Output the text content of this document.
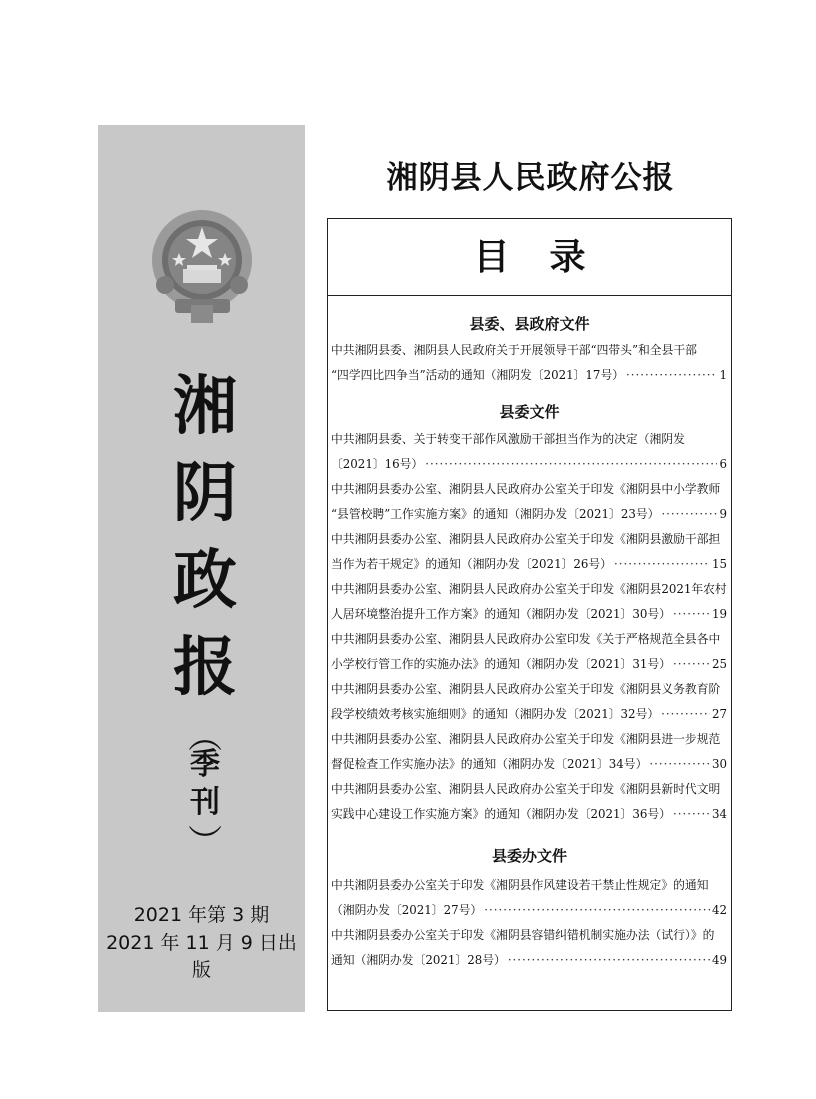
湘
阴
政
报
（
季
刊
）
2021 年第 3 期
2021 年 11 月 9 日出版
湘阴县人民政府公报
目录
县委、县政府文件
中共湘阴县委、湘阴县人民政府关于开展领导干部“四带头”和全县干部
“四学四比四争当”活动的通知（湘阴发〔2021〕17号） ·····	1
县委文件
中共湘阴县委、关于转变干部作风激励干部担当作为的决定（湘阴发
〔2021〕16号） ·····	6
中共湘阴县委办公室、湘阴县人民政府办公室关于印发《湘阴县中小学教师
“县管校聘”工作实施方案》的通知（湘阴办发〔2021〕23号） ·····	9
中共湘阴县委办公室、湘阴县人民政府办公室关于印发《湘阴县激励干部担
当作为若干规定》的通知（湘阴办发〔2021〕26号） ·····	15
中共湘阴县委办公室、湘阴县人民政府办公室关于印发《湘阴县2021年农村
人居环境整治提升工作方案》的通知（湘阴办发〔2021〕30号） ·····	19
中共湘阴县委办公室、湘阴县人民政府办公室印发《关于严格规范全县各中
小学校行管工作的实施办法》的通知（湘阴办发〔2021〕31号） ·····	25
中共湘阴县委办公室、湘阴县人民政府办公室关于印发《湘阴县义务教育阶
段学校绩效考核实施细则》的通知（湘阴办发〔2021〕32号） ·····	27
中共湘阴县委办公室、湘阴县人民政府办公室关于印发《湘阴县进一步规范
督促检查工作实施办法》的通知（湘阴办发〔2021〕34号） ·····	30
中共湘阴县委办公室、湘阴县人民政府办公室关于印发《湘阴县新时代文明
实践中心建设工作实施方案》的通知（湘阴办发〔2021〕36号） ·····	34
县委办文件
中共湘阴县委办公室关于印发《湘阴县作风建设若干禁止性规定》的通知
（湘阴办发〔2021〕27号） ·····	42
中共湘阴县委办公室关于印发《湘阴县容错纠错机制实施办法（试行）》的
通知（湘阴办发〔2021〕28号） ·····	49
